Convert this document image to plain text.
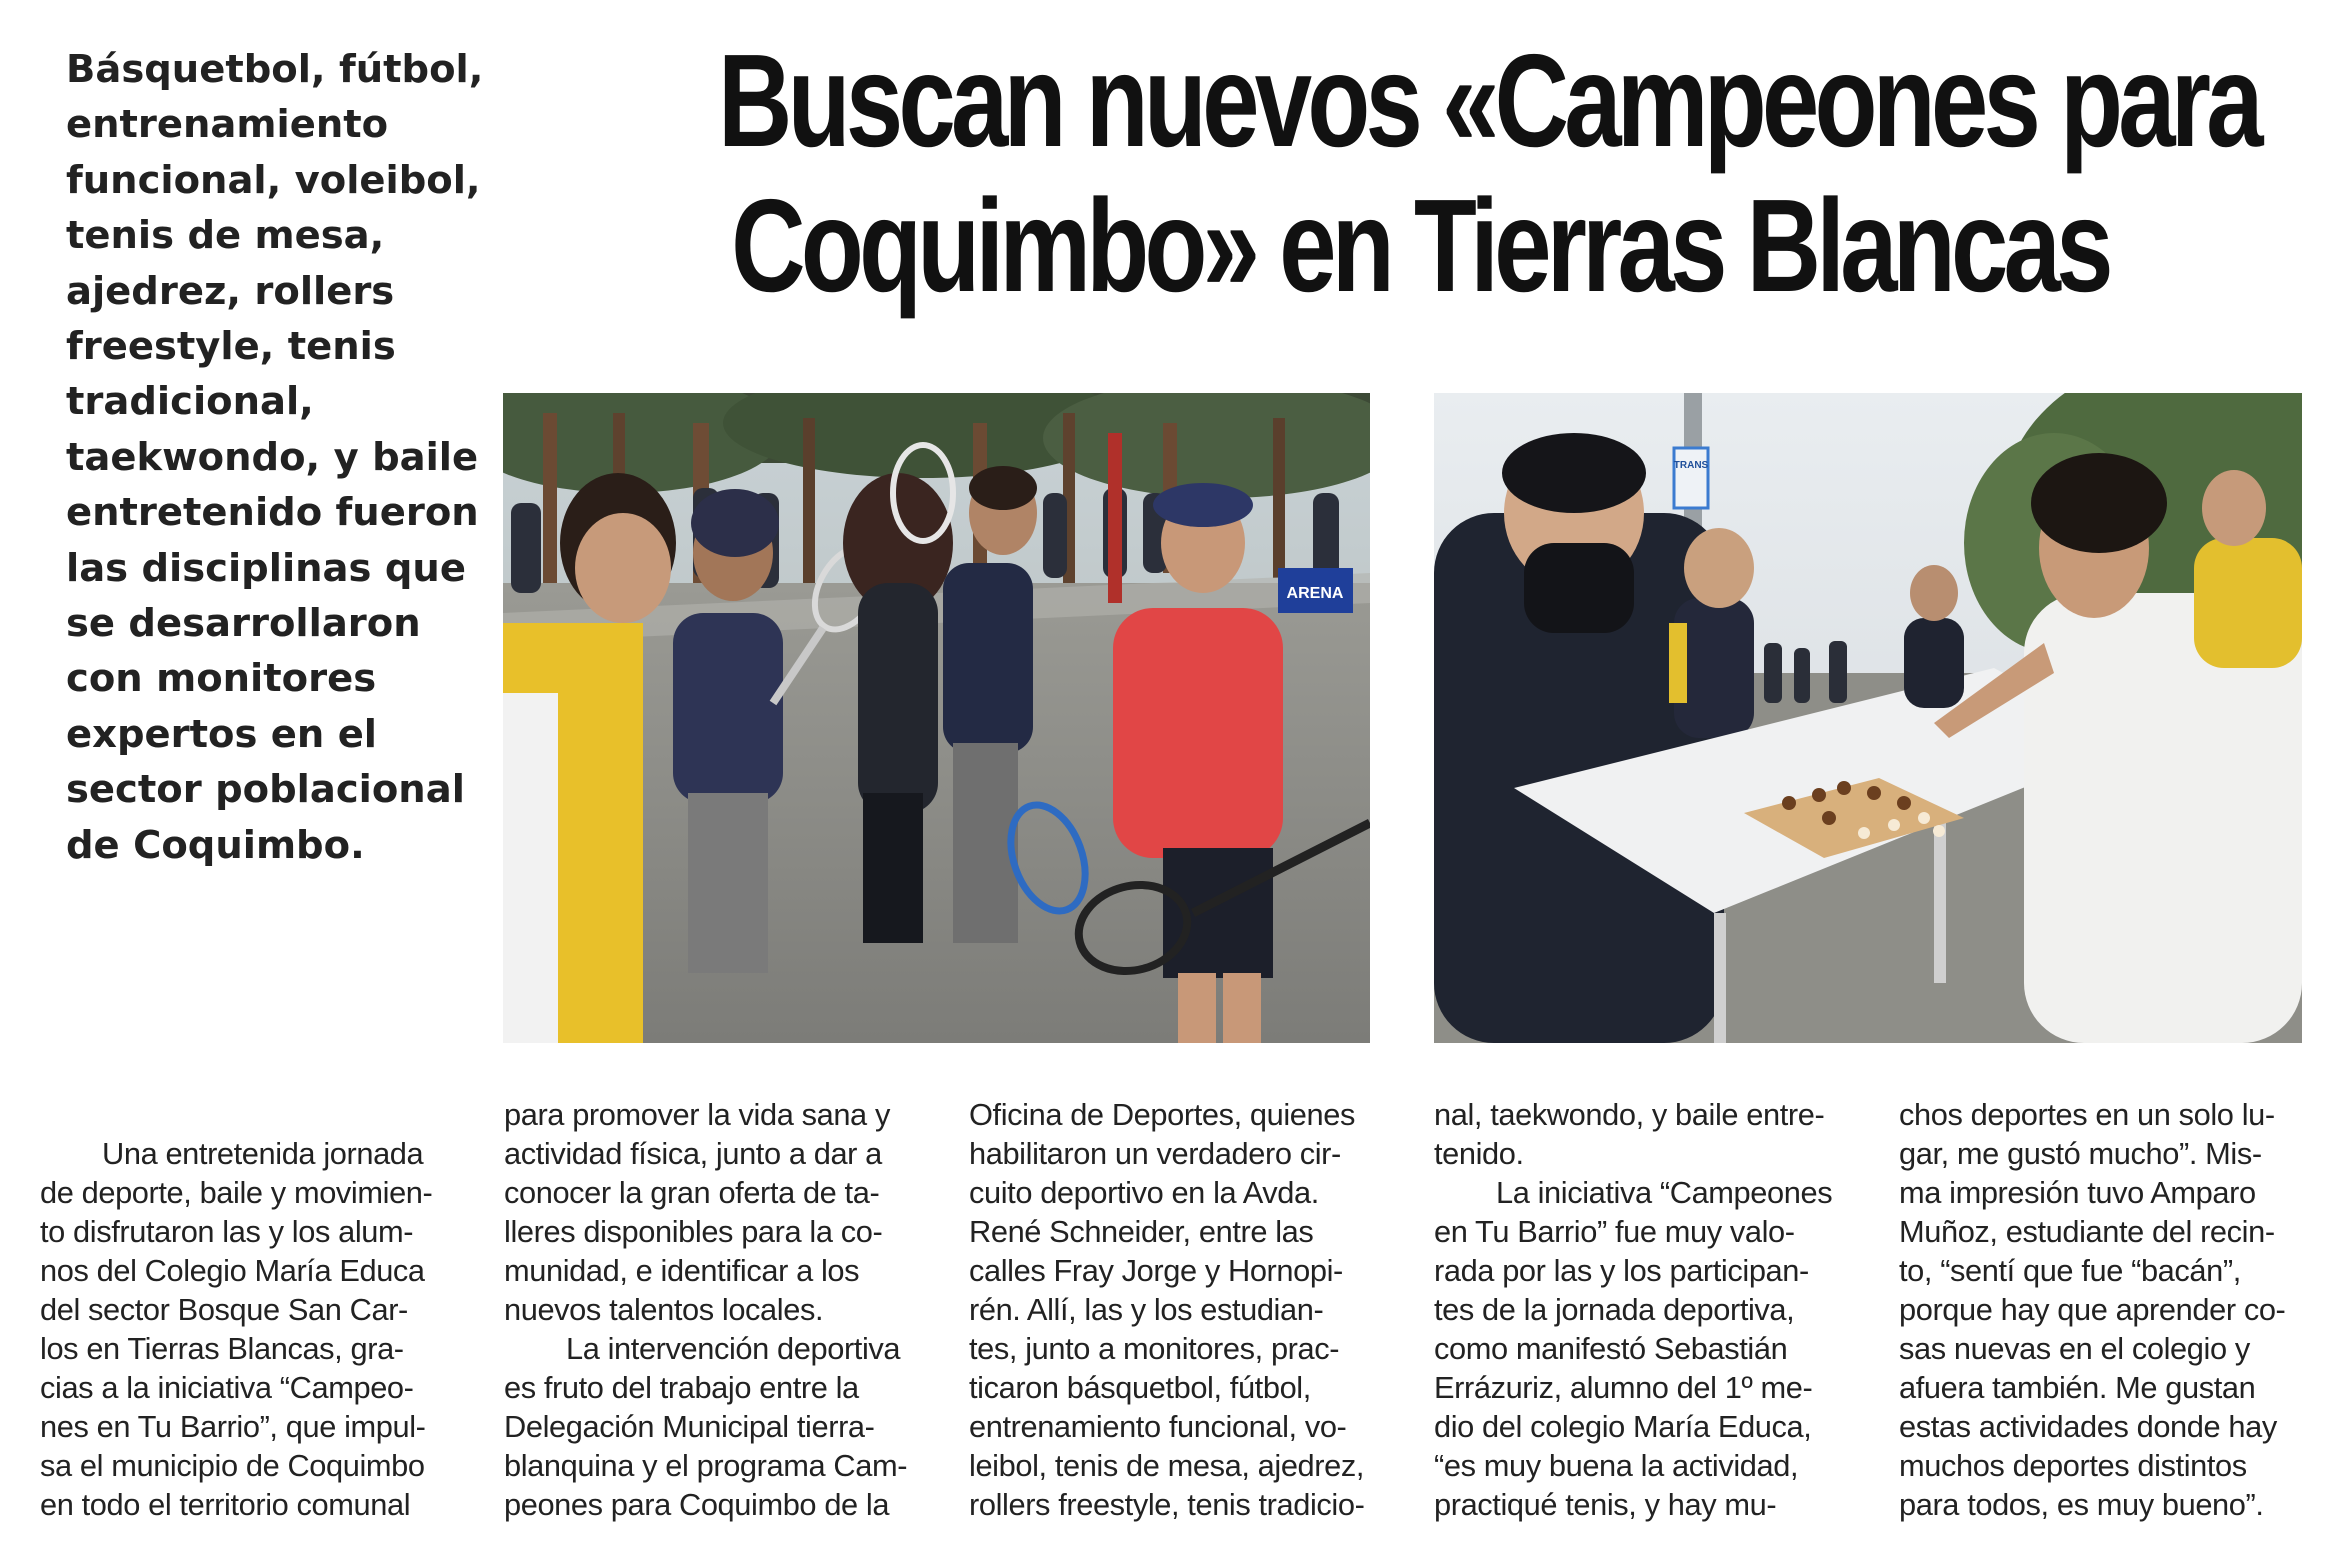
Básquetbol, fútbol,
entrenamiento
funcional, voleibol,
tenis de mesa,
ajedrez, rollers
freestyle, tenis
tradicional,
taekwondo, y baile
entretenido fueron
las disciplinas que
se desarrollaron
con monitores
expertos en el
sector poblacional
de Coquimbo.
Buscan nuevos «Campeones para
Coquimbo» en Tierras Blancas
ARENA
TRANS
Una entretenida jornada
de deporte, baile y movimien-
to disfrutaron las y los alum-
nos del Colegio María Educa
del sector Bosque San Car-
los en Tierras Blancas, gra-
cias a la iniciativa “Campeo-
nes en Tu Barrio”, que impul-
sa el municipio de Coquimbo
en todo el territorio comunal
para promover la vida sana y
actividad física, junto a dar a
conocer la gran oferta de ta-
lleres disponibles para la co-
munidad, e identificar a los
nuevos talentos locales.
La intervención deportiva
es fruto del trabajo entre la
Delegación Municipal tierra-
blanquina y el programa Cam-
peones para Coquimbo de la
Oficina de Deportes, quienes
habilitaron un verdadero cir-
cuito deportivo en la Avda.
René Schneider, entre las
calles Fray Jorge y Hornopi-
rén. Allí, las y los estudian-
tes, junto a monitores, prac-
ticaron básquetbol, fútbol,
entrenamiento funcional, vo-
leibol, tenis de mesa, ajedrez,
rollers freestyle, tenis tradicio-
nal, taekwondo, y baile entre-
tenido.
La iniciativa “Campeones
en Tu Barrio” fue muy valo-
rada por las y los participan-
tes de la jornada deportiva,
como manifestó Sebastián
Errázuriz, alumno del 1º me-
dio del colegio María Educa,
“es muy buena la actividad,
practiqué tenis, y hay mu-
chos deportes en un solo lu-
gar, me gustó mucho”. Mis-
ma impresión tuvo Amparo
Muñoz, estudiante del recin-
to, “sentí que fue “bacán”,
porque hay que aprender co-
sas nuevas en el colegio y
afuera también. Me gustan
estas actividades donde hay
muchos deportes distintos
para todos, es muy bueno”.
